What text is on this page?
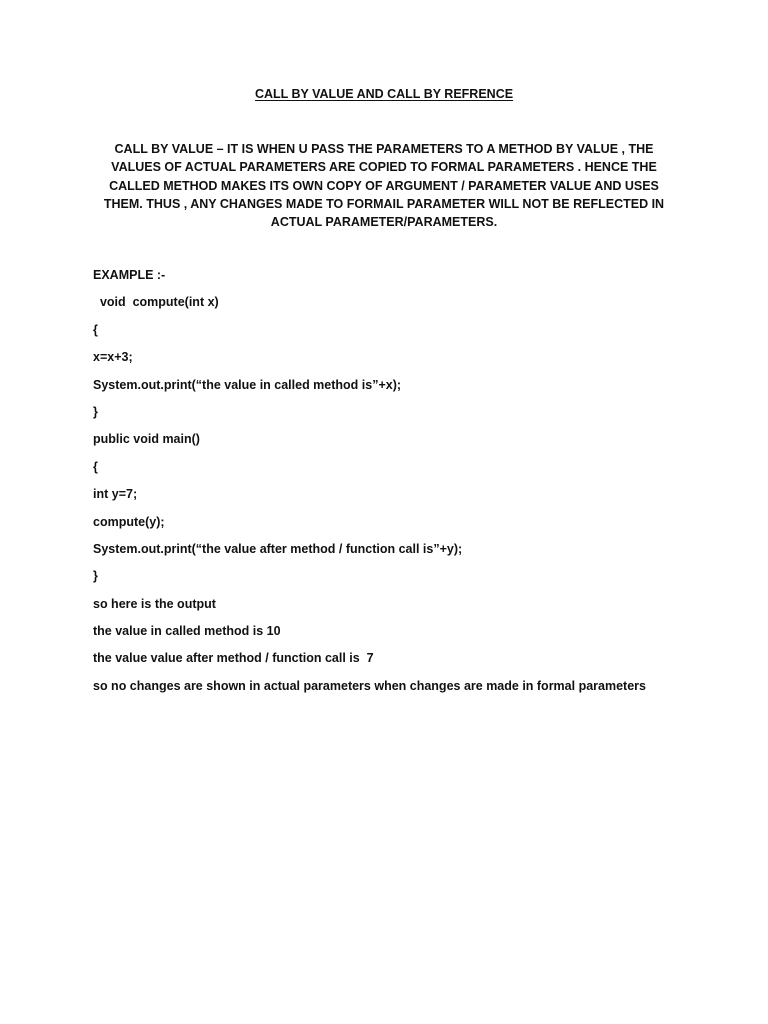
CALL BY VALUE AND CALL BY REFRENCE

CALL BY VALUE – IT IS WHEN U PASS THE PARAMETERS TO A METHOD BY VALUE , THE VALUES OF ACTUAL PARAMETERS ARE COPIED TO FORMAL PARAMETERS . HENCE THE CALLED METHOD MAKES ITS OWN COPY OF ARGUMENT / PARAMETER VALUE AND USES THEM. THUS , ANY CHANGES MADE TO FORMAIL PARAMETER WILL NOT BE REFLECTED IN ACTUAL PARAMETER/PARAMETERS.

EXAMPLE :-
void  compute(int x)
{
x=x+3;
System.out.print(“the value in called method is”+x);
}
public void main()
{
int y=7;
compute(y);
System.out.print(“the value after method / function call is”+y);
}
so here is the output
the value in called method is 10
the value value after method / function call is  7
so no changes are shown in actual parameters when changes are made in formal parameters
